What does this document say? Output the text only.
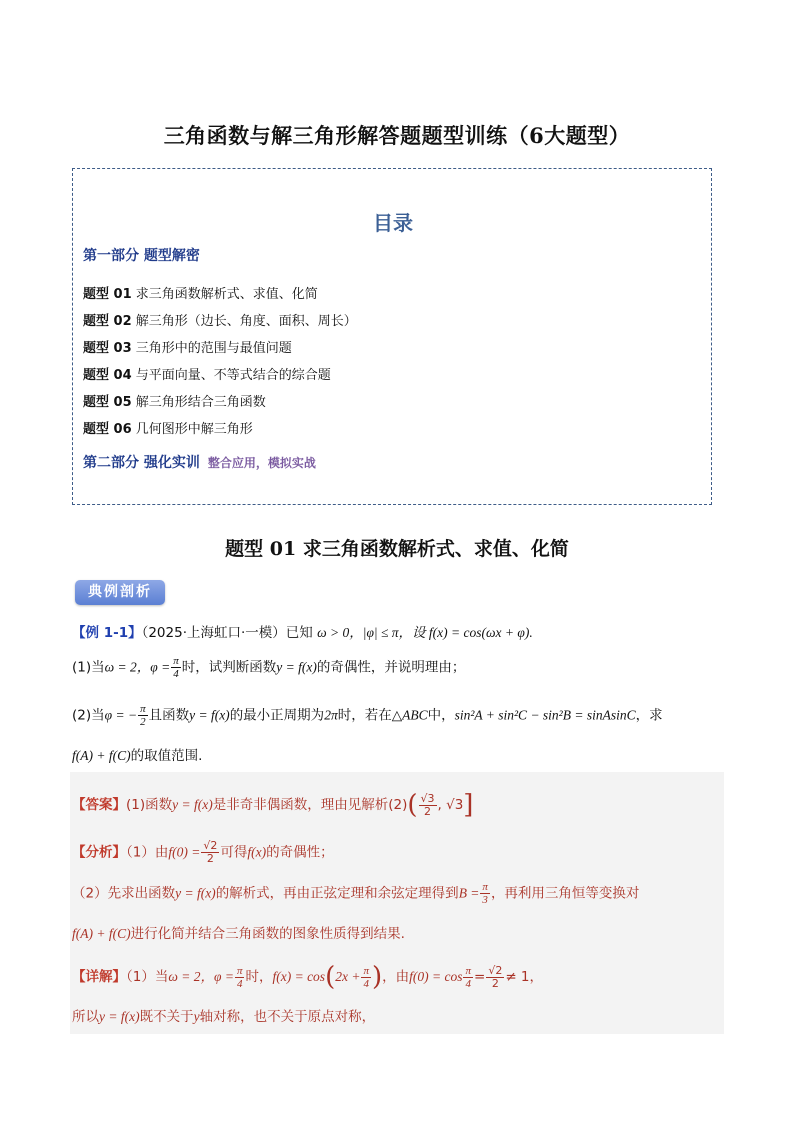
三角函数与解三角形解答题题型训练（6大题型）
目录
第一部分 题型解密
题型 01 求三角函数解析式、求值、化简
题型 02 解三角形（边长、角度、面积、周长）
题型 03 三角形中的范围与最值问题
题型 04 与平面向量、不等式结合的综合题
题型 05 解三角形结合三角函数
题型 06 几何图形中解三角形
第二部分 强化实训 整合应用，模拟实战
题型 01 求三角函数解析式、求值、化简
典例剖析
【例 1-1】（2025·上海虹口·一模）已知 ω > 0，|φ| ≤ π，设 f(x) = cos(ωx + φ).
(1)当ω = 2，$\varphi = \frac{\pi}{4}$ 时，试判断函数y = f(x)的奇偶性，并说明理由；
(2)当φ = − $\frac{\pi}{2}$ 且函数y = f(x)的最小正周期为2π时，若在△ABC中，sin²A + sin²C − sin²B = sinAsinC，求
f(A) + f(C)的取值范围.
【答案】(1)函数y = f(x)是非奇非偶函数，理由见解析$(2)( \frac{√3}{2}$ , √3]
【分析】（1）由$f(0) = \frac{√2}{2}$ 可得f(x)的奇偶性；
（2）先求出函数y = f(x)的解析式，再由正弦定理和余弦定理得到$B = \frac{\pi}{3}$ ，再利用三角恒等变换对
f(A) + f(C)进行化简并结合三角函数的图象性质得到结果.
【详解】（1）当ω = 2，$\varphi = \frac{\pi}{4}$ 时，$f(x) = \cos(2x + \frac{\pi}{4}$ )，由$f(0) = \cos \frac{\pi}{4} = \frac{√2}{2} \ne 1$，
所以y = f(x)既不关于y轴对称，也不关于原点对称，
